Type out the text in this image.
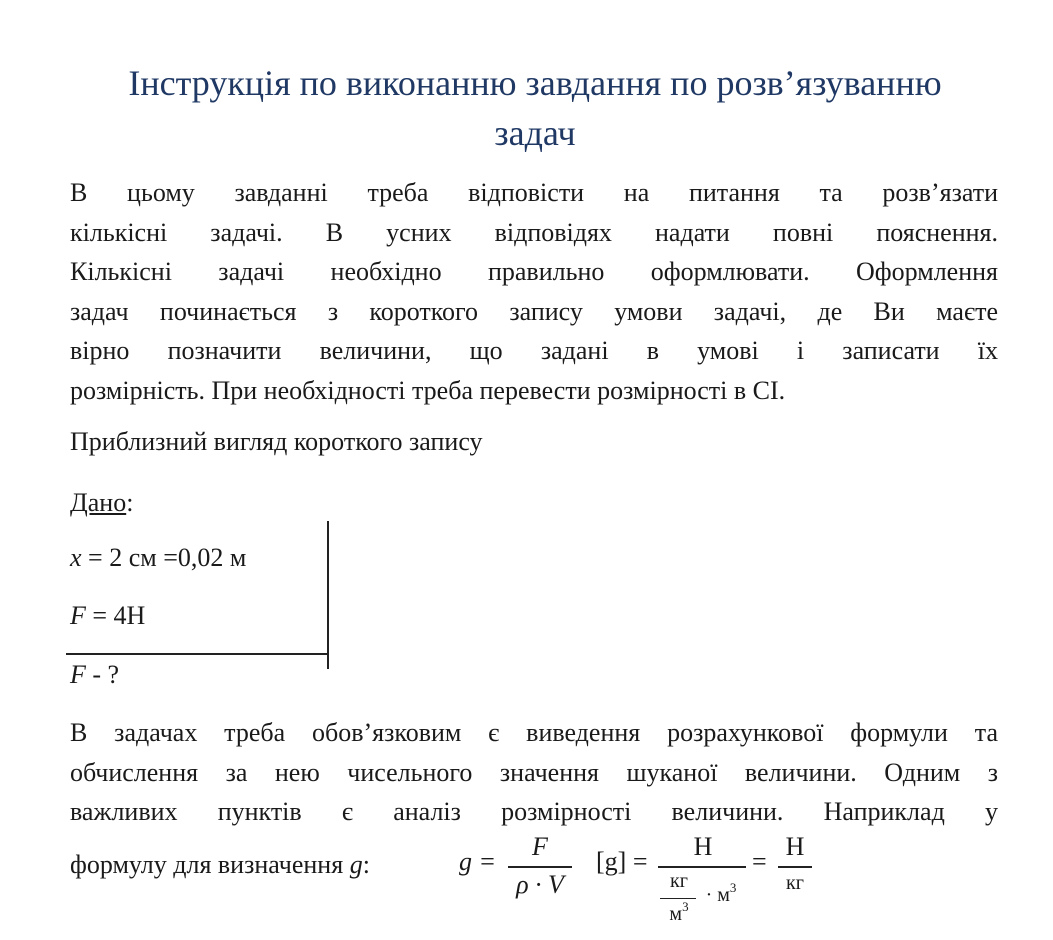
Інструкція по виконанню завдання по розв’язуванню
задач
В цьому завданні треба відповісти на питання та розв’язати
кількісні задачі. В усних відповідях надати повні пояснення.
Кількісні задачі необхідно правильно оформлювати. Оформлення
задач починається з короткого запису умови задачі, де Ви маєте
вірно позначити величини, що задані в умові і записати їх
розмірність. При необхідності треба перевести розмірності в СІ.
Приблизний вигляд короткого запису
Дано:
x = 2 см =0,02 м
F = 4Н
F - ?
В задачах треба обов’язковим є виведення розрахункової формули та
обчислення за нею чисельного значення шуканої величини. Одним з
важливих пунктів є аналіз розмірності величини. Наприклад у
формулу для визначення g:	g =
F
ρ · V
[g] =
Н
кг
$м^3$
· $м^3$
=
Н
кг
